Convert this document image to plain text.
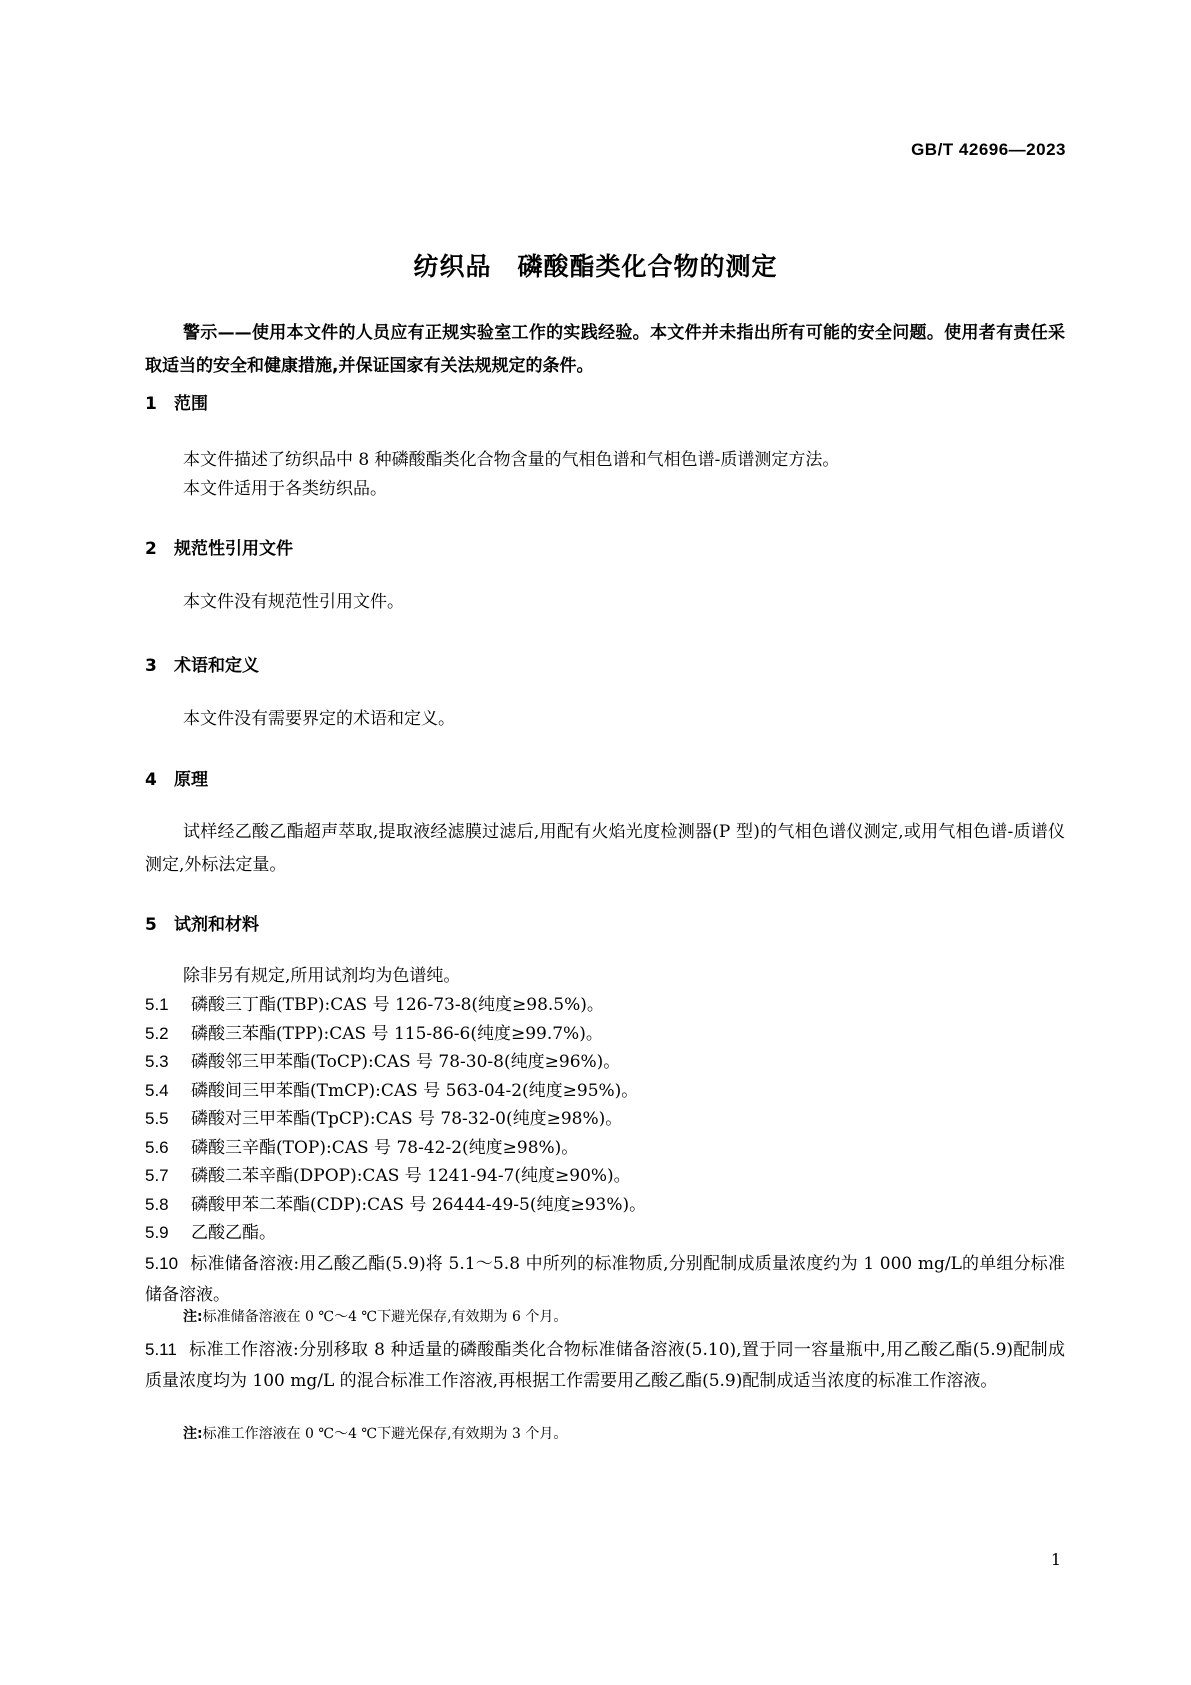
GB/T 42696—2023
纺织品　磷酸酯类化合物的测定
警示——使用本文件的人员应有正规实验室工作的实践经验。本文件并未指出所有可能的安全问题。使用者有责任采取适当的安全和健康措施,并保证国家有关法规规定的条件。
1 范围
本文件描述了纺织品中 8 种磷酸酯类化合物含量的气相色谱和气相色谱-质谱测定方法。
本文件适用于各类纺织品。
2 规范性引用文件
本文件没有规范性引用文件。
3 术语和定义
本文件没有需要界定的术语和定义。
4 原理
试样经乙酸乙酯超声萃取,提取液经滤膜过滤后,用配有火焰光度检测器(P 型)的气相色谱仪测定,或用气相色谱-质谱仪测定,外标法定量。
5 试剂和材料
除非另有规定,所用试剂均为色谱纯。
5.1 磷酸三丁酯(TBP):CAS 号 126-73-8(纯度≥98.5%)。
5.2 磷酸三苯酯(TPP):CAS 号 115-86-6(纯度≥99.7%)。
5.3 磷酸邻三甲苯酯(ToCP):CAS 号 78-30-8(纯度≥96%)。
5.4 磷酸间三甲苯酯(TmCP):CAS 号 563-04-2(纯度≥95%)。
5.5 磷酸对三甲苯酯(TpCP):CAS 号 78-32-0(纯度≥98%)。
5.6 磷酸三辛酯(TOP):CAS 号 78-42-2(纯度≥98%)。
5.7 磷酸二苯辛酯(DPOP):CAS 号 1241-94-7(纯度≥90%)。
5.8 磷酸甲苯二苯酯(CDP):CAS 号 26444-49-5(纯度≥93%)。
5.9 乙酸乙酯。
5.10 标准储备溶液:用乙酸乙酯(5.9)将 5.1～5.8 中所列的标准物质,分别配制成质量浓度约为 1 000 mg/L的单组分标准储备溶液。
注:标准储备溶液在 0 ℃～4 ℃下避光保存,有效期为 6 个月。
5.11 标准工作溶液:分别移取 8 种适量的磷酸酯类化合物标准储备溶液(5.10),置于同一容量瓶中,用乙酸乙酯(5.9)配制成质量浓度均为 100 mg/L 的混合标准工作溶液,再根据工作需要用乙酸乙酯(5.9)配制成适当浓度的标准工作溶液。
注:标准工作溶液在 0 ℃～4 ℃下避光保存,有效期为 3 个月。
1
